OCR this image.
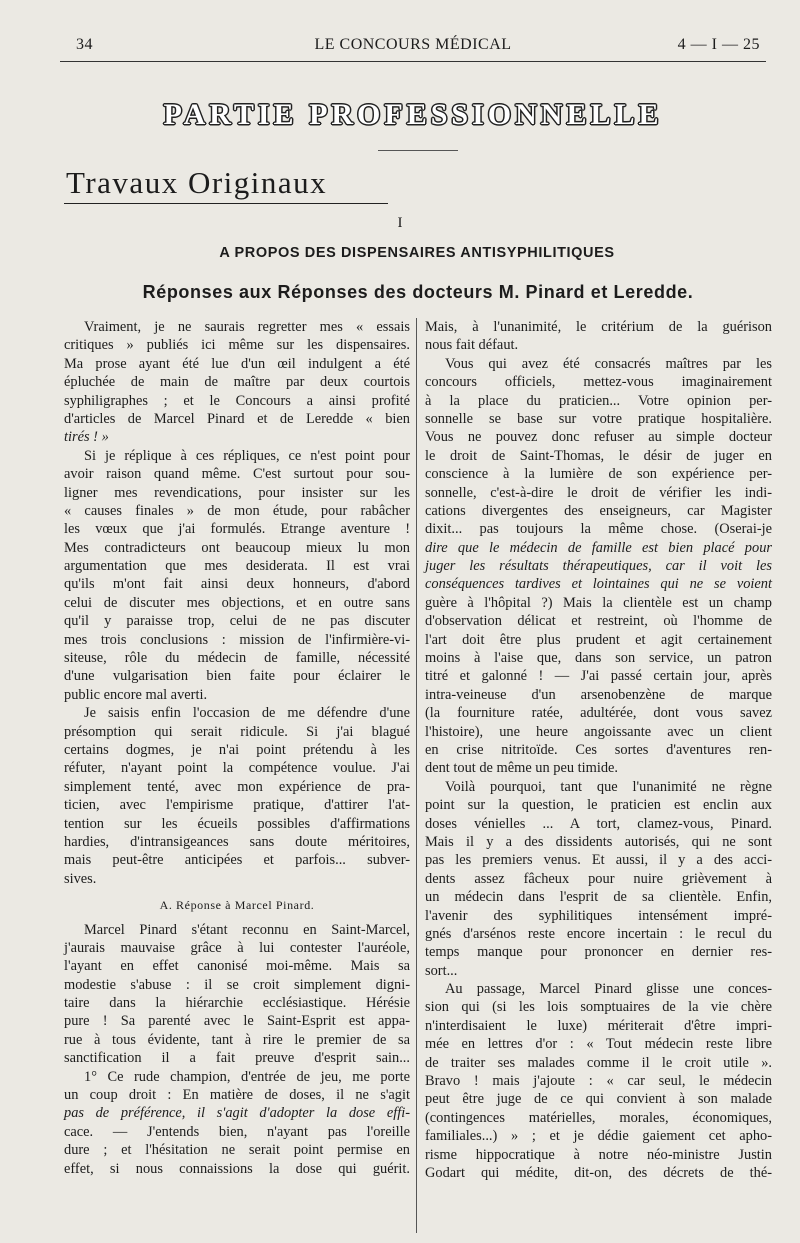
34	LE CONCOURS MÉDICAL	4 — I — 25
PARTIE PROFESSIONNELLE
Travaux Originaux
I
A PROPOS DES DISPENSAIRES ANTISYPHILITIQUES
Réponses aux Réponses des docteurs M. Pinard et Leredde.
Vraiment, je ne saurais regretter mes « essais
critiques » publiés ici même sur les dispensaires.
Ma prose ayant été lue d'un œil indulgent a été
épluchée de main de maître par deux courtois
syphiligraphes ; et le Concours a ainsi profité
d'articles de Marcel Pinard et de Leredde « bien
tirés ! »
Si je réplique à ces répliques, ce n'est point pour
avoir raison quand même. C'est surtout pour sou-
ligner mes revendications, pour insister sur les
« causes finales » de mon étude, pour rabâcher
les vœux que j'ai formulés. Etrange aventure !
Mes contradicteurs ont beaucoup mieux lu mon
argumentation que mes desiderata. Il est vrai
qu'ils m'ont fait ainsi deux honneurs, d'abord
celui de discuter mes objections, et en outre sans
qu'il y paraisse trop, celui de ne pas discuter
mes trois conclusions : mission de l'infirmière-vi-
siteuse, rôle du médecin de famille, nécessité
d'une vulgarisation bien faite pour éclairer le
public encore mal averti.
Je saisis enfin l'occasion de me défendre d'une
présomption qui serait ridicule. Si j'ai blagué
certains dogmes, je n'ai point prétendu à les
réfuter, n'ayant point la compétence voulue. J'ai
simplement tenté, avec mon expérience de pra-
ticien, avec l'empirisme pratique, d'attirer l'at-
tention sur les écueils possibles d'affirmations
hardies, d'intransigeances sans doute méritoires,
mais peut-être anticipées et parfois... subver-
sives.
A. Réponse à Marcel Pinard.
Marcel Pinard s'étant reconnu en Saint-Marcel,
j'aurais mauvaise grâce à lui contester l'auréole,
l'ayant en effet canonisé moi-même. Mais sa
modestie s'abuse : il se croit simplement digni-
taire dans la hiérarchie ecclésiastique. Hérésie
pure ! Sa parenté avec le Saint-Esprit est appa-
rue à tous évidente, tant à rire le premier de sa
sanctification il a fait preuve d'esprit sain...
1° Ce rude champion, d'entrée de jeu, me porte
un coup droit : En matière de doses, il ne s'agit
pas de préférence, il s'agit d'adopter la dose effi-
cace. — J'entends bien, n'ayant pas l'oreille
dure ; et l'hésitation ne serait point permise en
effet, si nous connaissions la dose qui guérit.
Mais, à l'unanimité, le critérium de la guérison
nous fait défaut.
Vous qui avez été consacrés maîtres par les
concours officiels, mettez-vous imaginairement
à la place du praticien... Votre opinion per-
sonnelle se base sur votre pratique hospitalière.
Vous ne pouvez donc refuser au simple docteur
le droit de Saint-Thomas, le désir de juger en
conscience à la lumière de son expérience per-
sonnelle, c'est-à-dire le droit de vérifier les indi-
cations divergentes des enseigneurs, car Magister
dixit... pas toujours la même chose. (Oserai-je
dire que le médecin de famille est bien placé pour
juger les résultats thérapeutiques, car il voit les
conséquences tardives et lointaines qui ne se voient
guère à l'hôpital ?) Mais la clientèle est un champ
d'observation délicat et restreint, où l'homme de
l'art doit être plus prudent et agit certainement
moins à l'aise que, dans son service, un patron
titré et galonné ! — J'ai passé certain jour, après
intra-veineuse d'un arsenobenzène de marque
(la fourniture ratée, adultérée, dont vous savez
l'histoire), une heure angoissante avec un client
en crise nitritoïde. Ces sortes d'aventures ren-
dent tout de même un peu timide.
Voilà pourquoi, tant que l'unanimité ne règne
point sur la question, le praticien est enclin aux
doses vénielles ... A tort, clamez-vous, Pinard.
Mais il y a des dissidents autorisés, qui ne sont
pas les premiers venus. Et aussi, il y a des acci-
dents assez fâcheux pour nuire grièvement à
un médecin dans l'esprit de sa clientèle. Enfin,
l'avenir des syphilitiques intensément impré-
gnés d'arsénos reste encore incertain : le recul du
temps manque pour prononcer en dernier res-
sort...
Au passage, Marcel Pinard glisse une conces-
sion qui (si les lois somptuaires de la vie chère
n'interdisaient le luxe) mériterait d'être impri-
mée en lettres d'or : « Tout médecin reste libre
de traiter ses malades comme il le croit utile ».
Bravo ! mais j'ajoute : « car seul, le médecin
peut être juge de ce qui convient à son malade
(contingences matérielles, morales, économiques,
familiales...) » ; et je dédie gaiement cet apho-
risme hippocratique à notre néo-ministre Justin
Godart qui médite, dit-on, des décrets de thé-
